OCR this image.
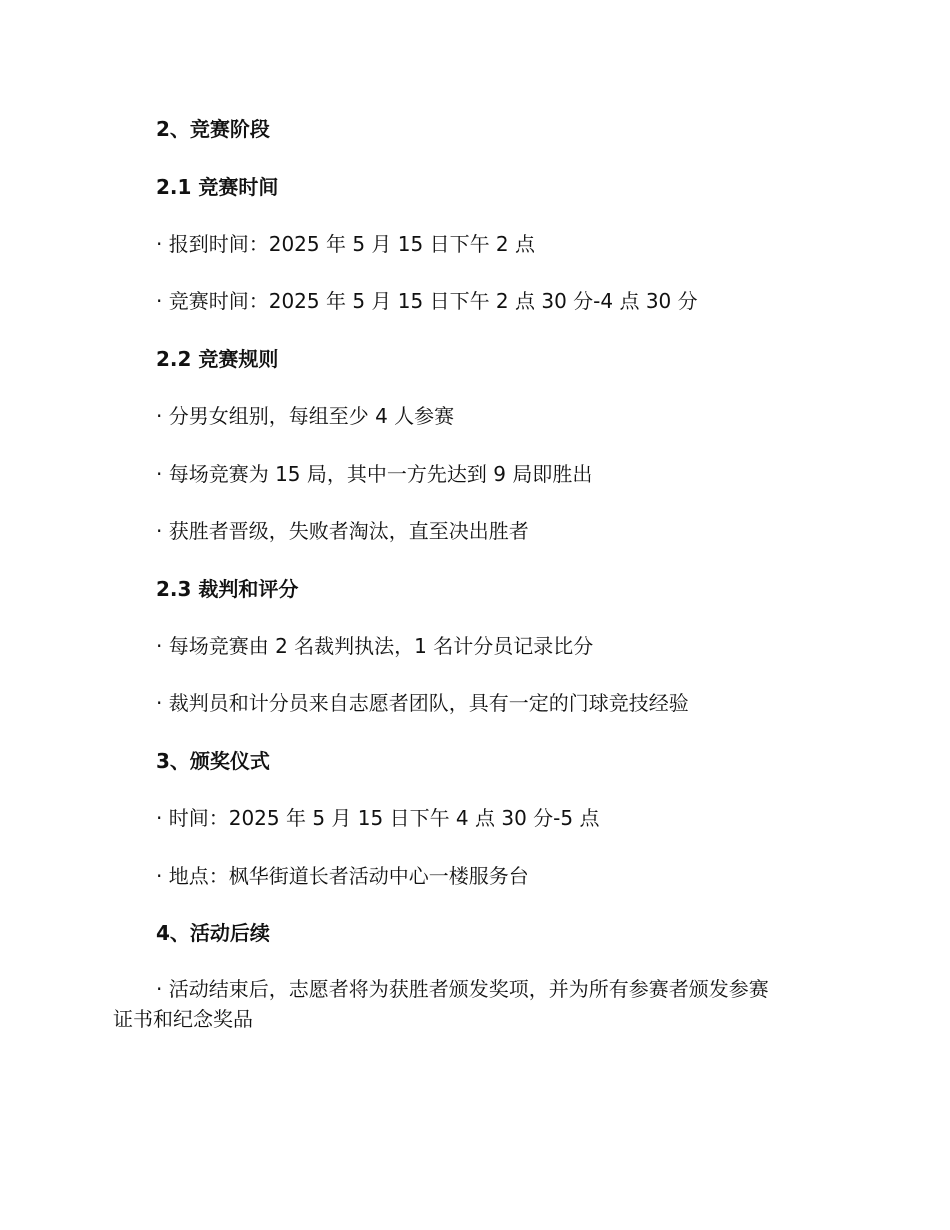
2、竞赛阶段
2.1 竞赛时间
· 报到时间：2025 年 5 月 15 日下午 2 点
· 竞赛时间：2025 年 5 月 15 日下午 2 点 30 分-4 点 30 分
2.2 竞赛规则
· 分男女组别，每组至少 4 人参赛
· 每场竞赛为 15 局，其中一方先达到 9 局即胜出
· 获胜者晋级，失败者淘汰，直至决出胜者
2.3 裁判和评分
· 每场竞赛由 2 名裁判执法，1 名计分员记录比分
· 裁判员和计分员来自志愿者团队，具有一定的门球竞技经验
3、颁奖仪式
· 时间：2025 年 5 月 15 日下午 4 点 30 分-5 点
· 地点：枫华街道长者活动中心一楼服务台
4、活动后续
· 活动结束后，志愿者将为获胜者颁发奖项，并为所有参赛者颁发参赛
证书和纪念奖品
